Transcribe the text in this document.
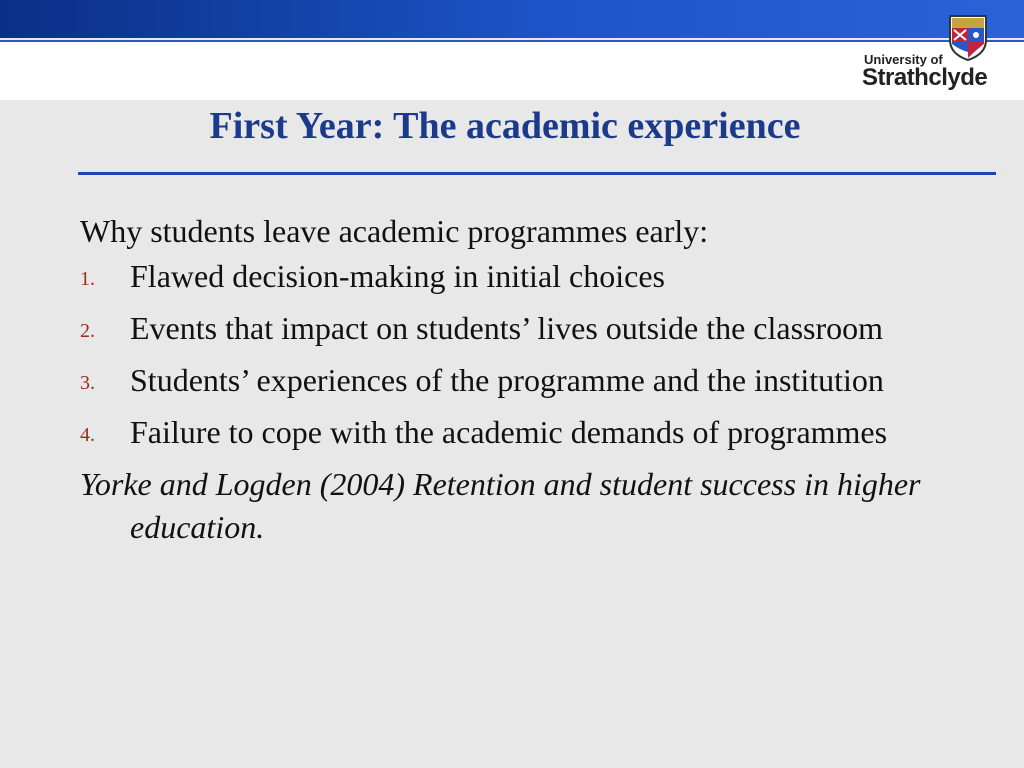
University of
Strathclyde
First Year: The academic experience

Why students leave academic programmes early:

1. Flawed decision-making in initial choices
2. Events that impact on students’ lives outside the classroom
3. Students’ experiences of the programme and the institution
4. Failure to cope with the academic demands of programmes

Yorke and Logden (2004) Retention and student success in higher education.
